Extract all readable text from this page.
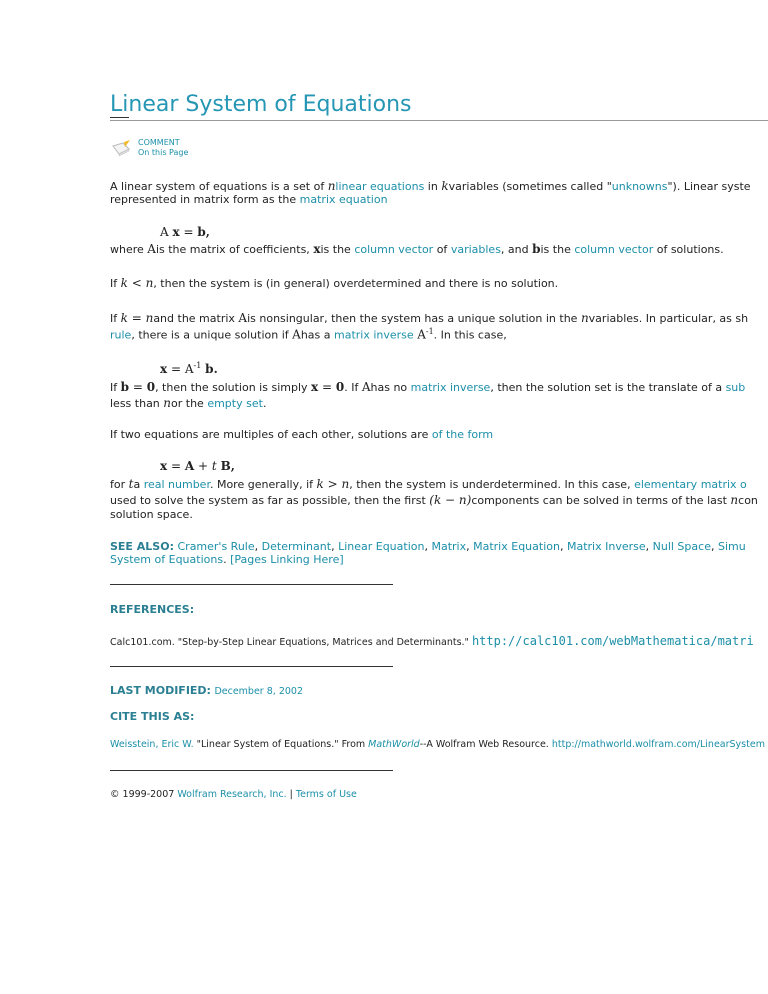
Linear System of Equations
COMMENT
On this Page
A linear system of equations is a set of nlinear equations in kvariables (sometimes called "unknowns"). Linear syste
represented in matrix form as the matrix equation
A x = b,
where Ais the matrix of coefficients, xis the column vector of variables, and bis the column vector of solutions.
If k < n, then the system is (in general) overdetermined and there is no solution.
If k = nand the matrix Ais nonsingular, then the system has a unique solution in the nvariables. In particular, as sh
rule, there is a unique solution if Ahas a matrix inverse $A^{-1}$. In this case,
$x = A^{-1}$ b.
If b = 0, then the solution is simply x = 0. If Ahas no matrix inverse, then the solution set is the translate of a sub
less than nor the empty set.
If two equations are multiples of each other, solutions are of the form
x = A + t B,
for ta real number. More generally, if k > n, then the system is underdetermined. In this case, elementary matrix o
used to solve the system as far as possible, then the first (k − n)components can be solved in terms of the last ncon
solution space.
SEE ALSO: Cramer's Rule, Determinant, Linear Equation, Matrix, Matrix Equation, Matrix Inverse, Null Space, Simu
System of Equations. [Pages Linking Here]
REFERENCES:
Calc101.com. "Step-by-Step Linear Equations, Matrices and Determinants." http://calc101.com/webMathematica/matri
LAST MODIFIED: December 8, 2002
CITE THIS AS:
Weisstein, Eric W. "Linear System of Equations." From MathWorld--A Wolfram Web Resource. http://mathworld.wolfram.com/LinearSystem
© 1999-2007 Wolfram Research, Inc. | Terms of Use
